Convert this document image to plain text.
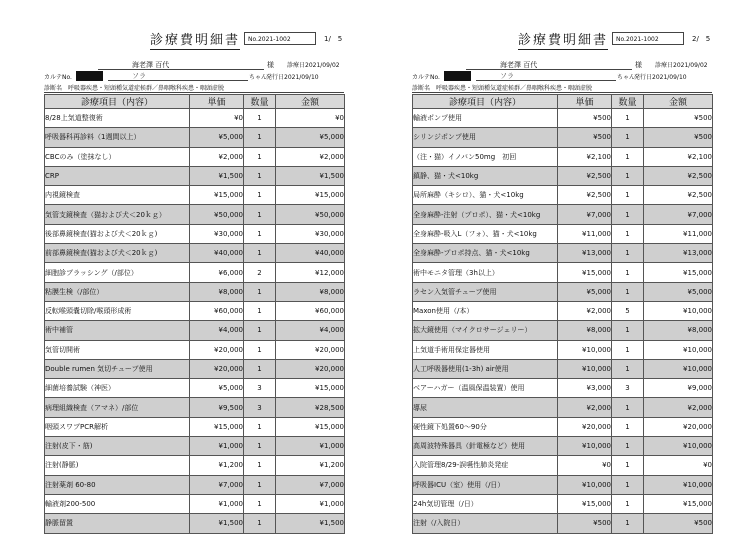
診療費明細書	No.2021-1002	1/　5
海老澤 百代	様 診療日2021/09/02
カルテNo.	ソラ	ちゃん
発行日2021/09/10
診断名 呼吸器疾患・短頭種気道症候群／鼻咽喉科疾患・咽頭虚脱
診療項目（内容）	単価	数量	金額
8/28上気道整復術	¥0	1	¥0
呼吸器科再診料（1週間以上）	¥5,000	1	¥5,000
CBCのみ（塗抹なし）	¥2,000	1	¥2,000
CRP	¥1,500	1	¥1,500
内視鏡検査	¥15,000	1	¥15,000
気管支鏡検査（猫および犬＜20ｋｇ）	¥50,000	1	¥50,000
後部鼻鏡検査(猫および犬＜20ｋｇ)	¥30,000	1	¥30,000
前部鼻鏡検査(猫および犬＜20ｋｇ)	¥40,000	1	¥40,000
細胞診ブラッシング（/部位）	¥6,000	2	¥12,000
粘膜生検（/部位）	¥8,000	1	¥8,000
反転喉頭嚢切除/喉頭形成術	¥60,000	1	¥60,000
術中補管	¥4,000	1	¥4,000
気管切開術	¥20,000	1	¥20,000
Double rumen 気切チューブ使用	¥20,000	1	¥20,000
細菌培養試験（神医）	¥5,000	3	¥15,000
病理組織検査（アマネ）/部位	¥9,500	3	¥28,500
咽頭スワブPCR解析	¥15,000	1	¥15,000
注射(皮下・筋)	¥1,000	1	¥1,000
注射(静脈)	¥1,200	1	¥1,200
注射薬剤 60-80	¥7,000	1	¥7,000
輸液剤200-500	¥1,000	1	¥1,000
静脈留置	¥1,500	1	¥1,500
診療費明細書	No.2021-1002	2/　5
海老澤 百代	様 診療日2021/09/02
カルテNo.	ソラ	ちゃん
発行日2021/09/10
診断名 呼吸器疾患・短頭種気道症候群／鼻咽喉科疾患・咽頭虚脱
診療項目（内容）	単価	数量	金額
輸液ポンプ使用	¥500	1	¥500
シリンジポンプ使用	¥500	1	¥500
（注・猫）イノバン50mg　初回	¥2,100	1	¥2,100
鎮静、猫・犬<10kg	¥2,500	1	¥2,500
局所麻酔（キシロ）、猫・犬<10kg	¥2,500	1	¥2,500
全身麻酔-注射（プロポ）、猫・犬<10kg	¥7,000	1	¥7,000
全身麻酔-吸入L（フォ）、猫・犬<10kg	¥11,000	1	¥11,000
全身麻酔-プロポ持点、猫・犬<10kg	¥13,000	1	¥13,000
術中モニタ管理（3h以上）	¥15,000	1	¥15,000
ラセン入気管チューブ使用	¥5,000	1	¥5,000
Maxon使用（/本）	¥2,000	5	¥10,000
拡大鏡使用（マイクロサージェリー）	¥8,000	1	¥8,000
上気道手術用保定器使用	¥10,000	1	¥10,000
人工呼吸器使用(1-3h) air使用	¥10,000	1	¥10,000
ベアーハガー（温風保温装置）使用	¥3,000	3	¥9,000
導尿	¥2,000	1	¥2,000
硬性鏡下処置60～90分	¥20,000	1	¥20,000
高周波特殊器具（針電極など）使用	¥10,000	1	¥10,000
入院管理8/29-誤嚥性肺炎発症	¥0	1	¥0
呼吸器ICU（室）使用（/日）	¥10,000	1	¥10,000
24h気切管理（/日）	¥15,000	1	¥15,000
注射（/入院日）	¥500	1	¥500
